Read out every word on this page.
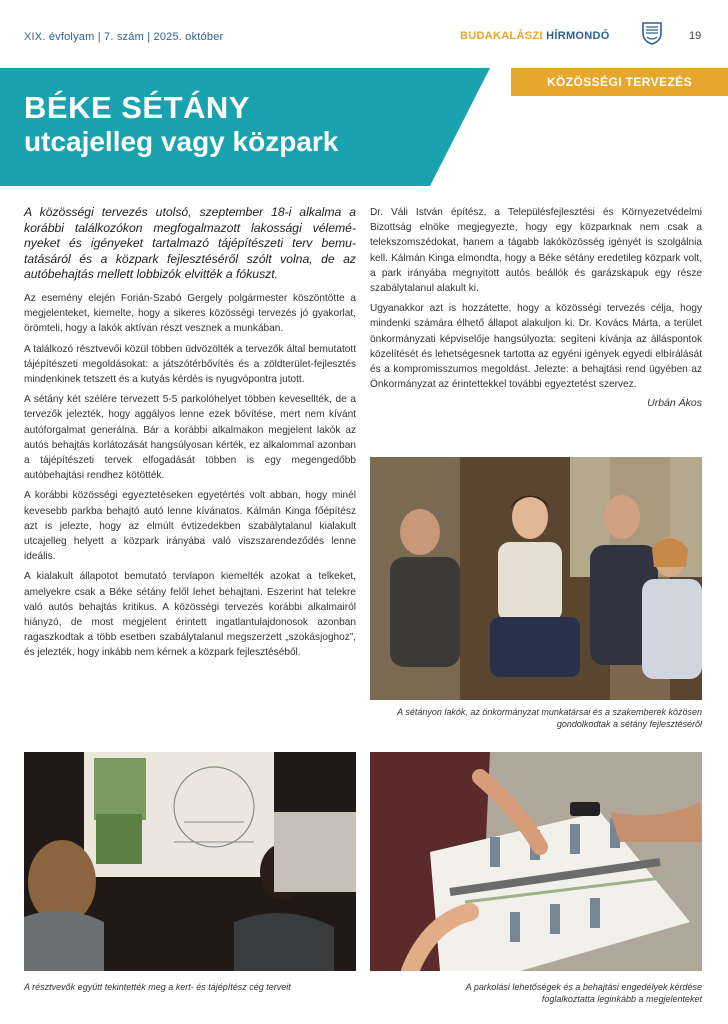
XIX. évfolyam | 7. szám | 2025. október	BUDAKALÁSZI HÍRMONDÓ	19
BÉKE SÉTÁNY
utcajelleg vagy közpark
KÖZÖSSÉGI TERVEZÉS

A közösségi tervezés utolsó, szeptember 18-i alkalma a korábbi találkozókon megfogalmazott lakossági véleményeket és igényeket tartalmazó tájépítészeti terv bemutatásáról és a közpark fejlesztéséről szólt volna, de az autóbehajtás mellett lobbizók elvitték a fókuszt.

Az esemény elején Forián-Szabó Gergely polgármester köszöntötte a megjelenteket, kiemelte, hogy a sikeres közösségi tervezés jó gyakorlat, örömteli, hogy a lakók aktívan részt vesznek a munkában.

A találkozó résztvevői közül többen üdvözölték a tervezők által bemutatott tájépítészeti megoldásokat: a játszótérbővítés és a zöldterület-fejlesztés mindenkinek tetszett és a kutyás kérdés is nyugvópontra jutott.

A sétány két szélére tervezett 5-5 parkolóhelyet többen kevesellték, de a tervezők jelezték, hogy aggályos lenne ezek bővítése, mert nem kívánt autóforgalmat generálna. Bár a korábbi alkalmakon megjelent lakók az autós behajtás korlátozását hangsúlyosan kérték, ez alkalommal azonban a tájépítészeti tervek elfogadását többen is egy megengedőbb autóbehajtási rendhez kötötték.

A korábbi közösségi egyeztetéseken egyetértés volt abban, hogy minél kevesebb parkba behajtó autó lenne kívánatos. Kálmán Kinga főépítész azt is jelezte, hogy az elmúlt évtizedekben szabálytalanul kialakult utcajelleg helyett a közpark irányába való viszszarendeződés lenne ideális.

A kialakult állapotot bemutató tervlapon kiemelték azokat a telkeket, amelyekre csak a Béke sétány felől lehet behajtani. Eszerint hat telekre való autós behajtás kritikus. A közösségi tervezés korábbi alkalmairól hiányzó, de most megjelent érintett ingatlantulajdonosok azonban ragaszkodtak a több esetben szabálytalanul megszerzett „szokásjoghoz”, és jelezték, hogy inkább nem kérnek a közpark fejlesztéséből.

Dr. Váli István építész, a Településfejlesztési és Környezetvédelmi Bizottság elnöke megjegyezte, hogy egy közparknak nem csak a telekszomszédokat, hanem a tágabb lakóközösség igényét is szolgálnia kell. Kálmán Kinga elmondta, hogy a Béke sétány eredetileg közpark volt, a park irányába megnyitott autós beállók és garázskapuk egy része szabálytalanul alakult ki.

Ugyanakkor azt is hozzátette, hogy a közösségi tervezés célja, hogy mindenki számára élhető állapot alakuljon ki. Dr. Kovács Márta, a terület önkormányzati képviselője hangsúlyozta: segíteni kívánja az álláspontok közelítését és lehetségesnek tartotta az egyéni igények egyedi elbírálását és a kompromisszumos megoldást. Jelezte: a behajtási rend ügyében az Önkormányzat az érintettekkel további egyeztetést szervez.

Urbán Ákos
A sétányon lakók, az önkormányzat munkatársai és a szakemberek közösen
gondolkodtak a sétány fejlesztéséről
A résztvevők együtt tekintették meg a kert- és tájépítész cég terveit	A parkolási lehetőségek és a behajtási engedélyek kérdése
foglalkoztatta leginkább a megjelenteket
